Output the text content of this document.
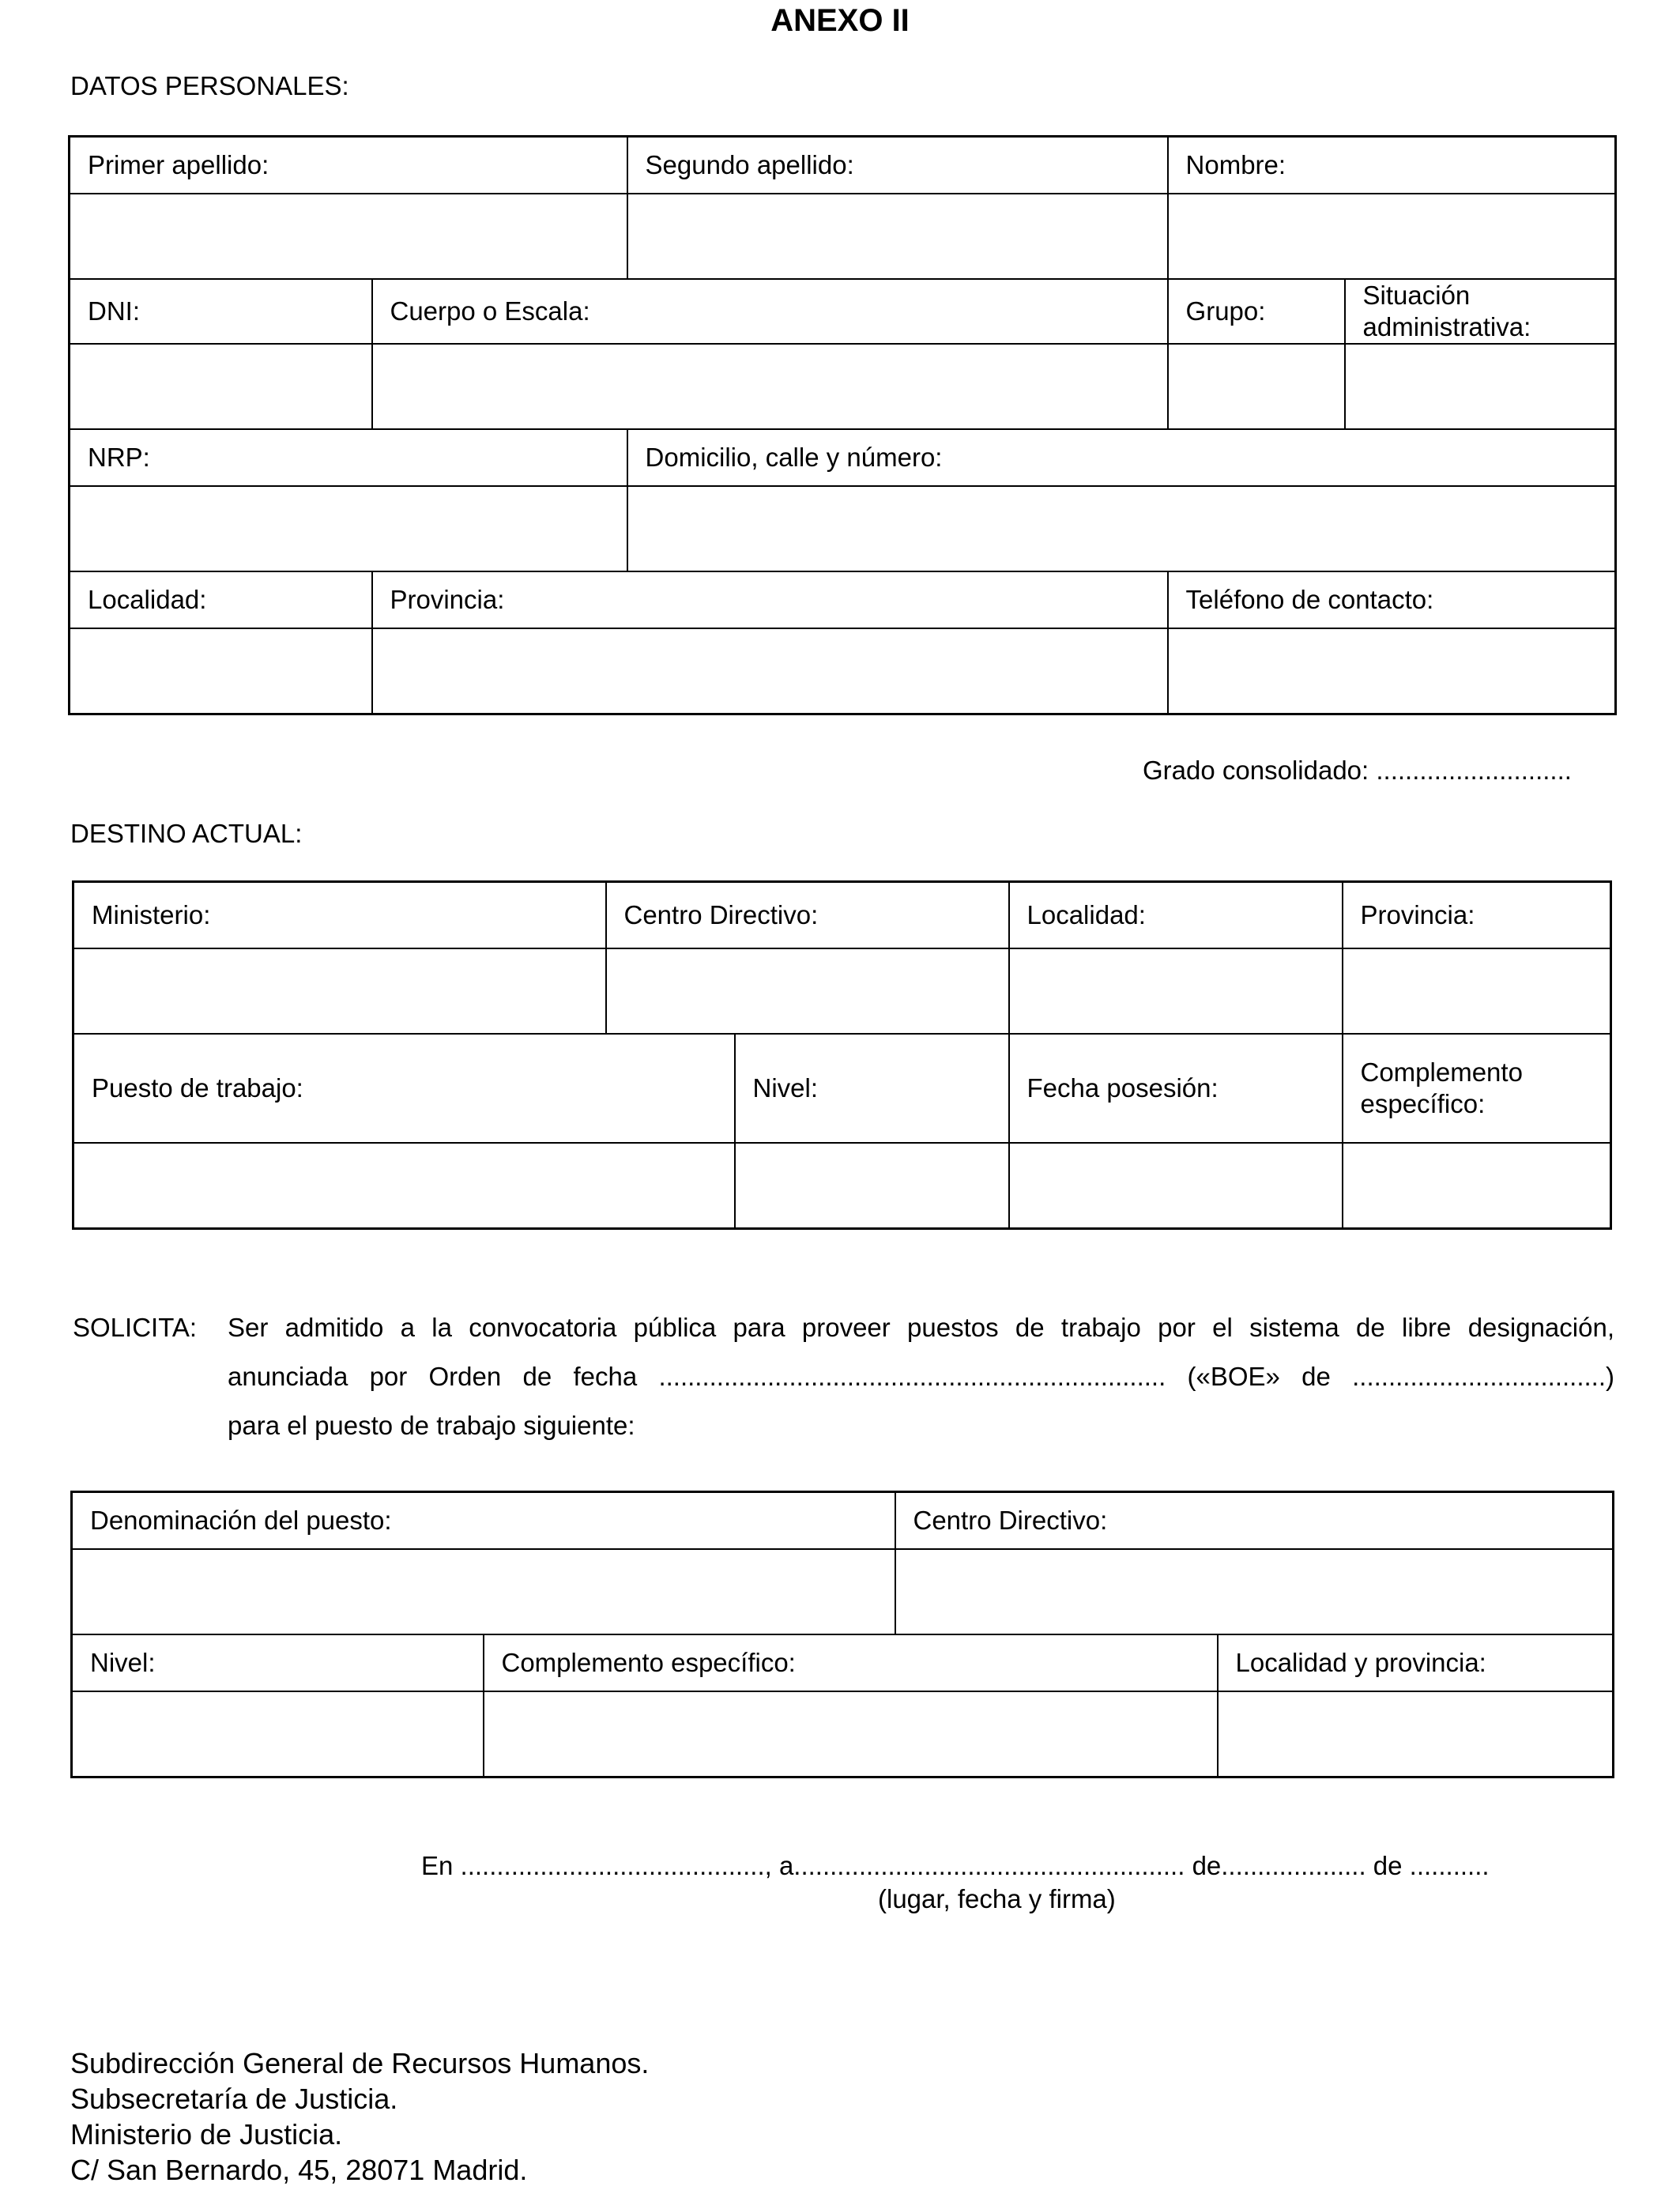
ANEXO II
DATOS PERSONALES:
Primer apellido:		Segundo apellido:	Nombre:	

DNI:	Cuerpo o Escala:		Grupo:	Situación administrativa:

NRP:		Domicilio, calle y número:		

Localidad:	Provincia:		Teléfono de contacto:	

Grado consolidado: ...........................
DESTINO ACTUAL:
Ministerio:	Centro Directivo:		Localidad:	Provincia:

Puesto de trabajo:		Nivel:	Fecha posesión:	Complemento específico:

SOLICITA: Ser admitido a la convocatoria pública para proveer puestos de trabajo por el sistema de libre designación,
anunciada por Orden de fecha ...................................................................... («BOE» de ...................................)
para el puesto de trabajo siguiente:
Denominación del puesto:		Centro Directivo:	

Nivel:	Complemento específico:		Localidad y provincia:

En .........................................., a...................................................... de.................... de ...........
(lugar, fecha y firma)
Subdirección General de Recursos Humanos.
Subsecretaría de Justicia.
Ministerio de Justicia.
C/ San Bernardo, 45, 28071 Madrid.
